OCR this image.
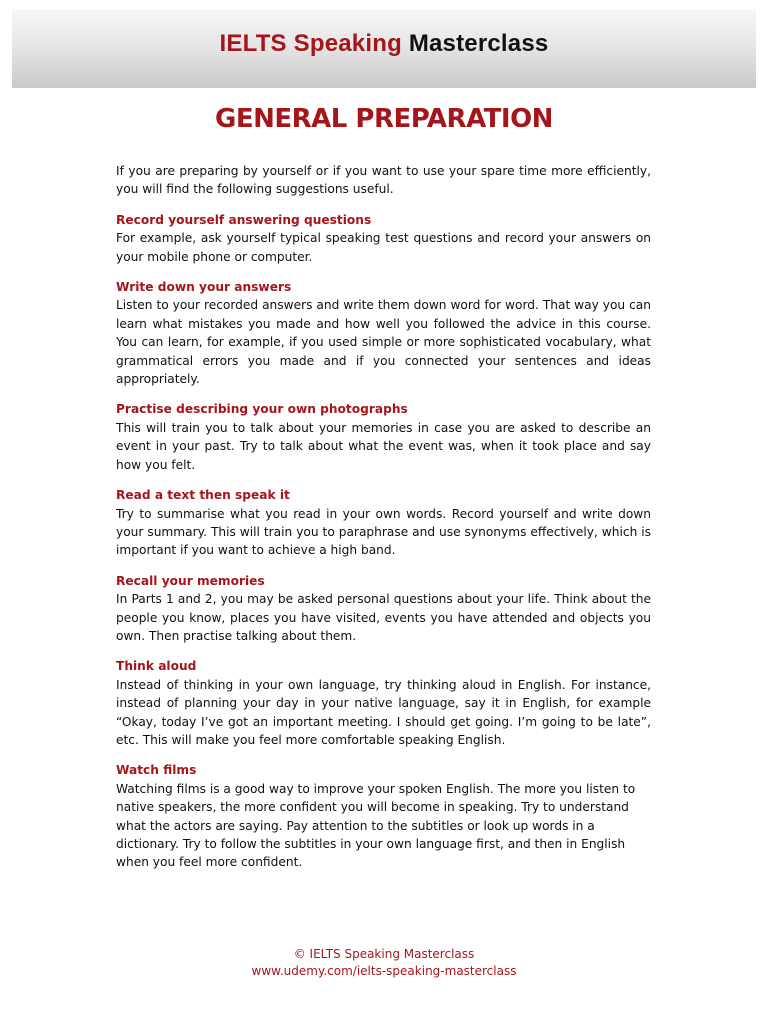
IELTS Speaking Masterclass
GENERAL PREPARATION

If you are preparing by yourself or if you want to use your spare time more efficiently, you will find the following suggestions useful.

Record yourself answering questions

For example, ask yourself typical speaking test questions and record your answers on your mobile phone or computer.

Write down your answers

Listen to your recorded answers and write them down word for word. That way you can learn what mistakes you made and how well you followed the advice in this course. You can learn, for example, if you used simple or more sophisticated vocabulary, what grammatical errors you made and if you connected your sentences and ideas appropriately.

Practise describing your own photographs

This will train you to talk about your memories in case you are asked to describe an event in your past. Try to talk about what the event was, when it took place and say how you felt.

Read a text then speak it

Try to summarise what you read in your own words. Record yourself and write down your summary. This will train you to paraphrase and use synonyms effectively, which is important if you want to achieve a high band.

Recall your memories

In Parts 1 and 2, you may be asked personal questions about your life. Think about the people you know, places you have visited, events you have attended and objects you own. Then practise talking about them.

Think aloud

Instead of thinking in your own language, try thinking aloud in English. For instance, instead of planning your day in your native language, say it in English, for example “Okay, today I’ve got an important meeting. I should get going. I’m going to be late”, etc. This will make you feel more comfortable speaking English.

Watch films

Watching films is a good way to improve your spoken English. The more you listen to native speakers, the more confident you will become in speaking. Try to understand what the actors are saying. Pay attention to the subtitles or look up words in a dictionary. Try to follow the subtitles in your own language first, and then in English when you feel more confident.

© IELTS Speaking Masterclass
www.udemy.com/ielts-speaking-masterclass
